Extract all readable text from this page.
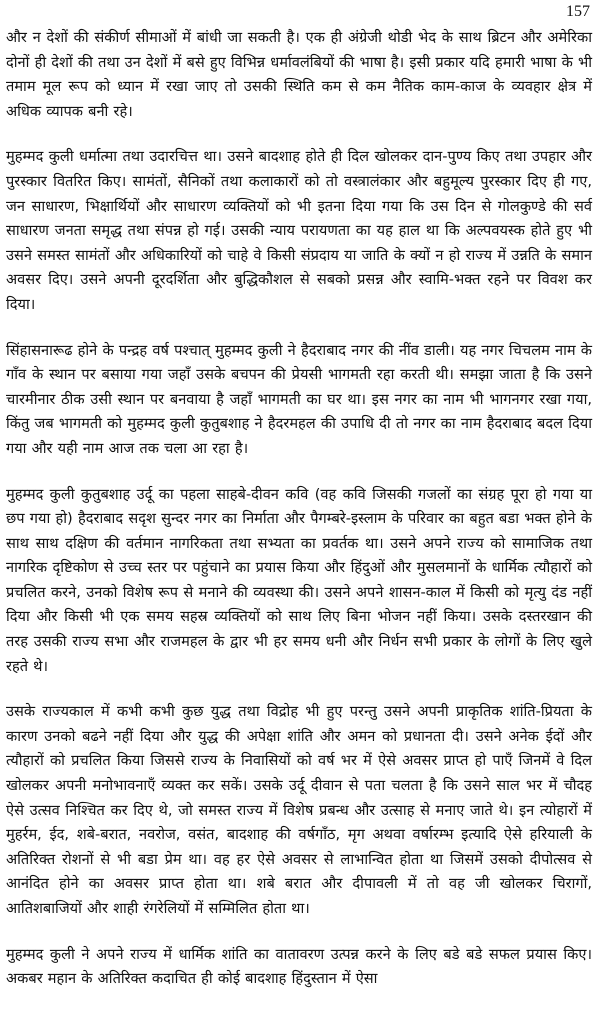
157

और न देशों की संकीर्ण सीमाओं में बांधी जा सकती है। एक ही अंग्रेजी थोडी भेद के साथ ब्रिटन और अमेरिका दोनों ही देशों की तथा उन देशों में बसे हुए विभिन्न धर्मावलंबियों की भाषा है। इसी प्रकार यदि हमारी भाषा के भी तमाम मूल रूप को ध्यान में रखा जाए तो उसकी स्थिति कम से कम नैतिक काम-काज के व्यवहार क्षेत्र में अधिक व्यापक बनी रहे।

मुहम्मद कुली धर्मात्मा तथा उदारचित्त था। उसने बादशाह होते ही दिल खोलकर दान-पुण्य किए तथा उपहार और पुरस्कार वितरित किए। सामंतों, सैनिकों तथा कलाकारों को तो वस्त्रालंकार और बहुमूल्य पुरस्कार दिए ही गए, जन साधारण, भिक्षार्थियों और साधारण व्यक्तियों को भी इतना दिया गया कि उस दिन से गोलकुण्डे की सर्व साधारण जनता समृद्ध तथा संपन्न हो गई। उसकी न्याय परायणता का यह हाल था कि अल्पवयस्क होते हुए भी उसने समस्त सामंतों और अधिकारियों को चाहे वे किसी संप्रदाय या जाति के क्यों न हो राज्य में उन्नति के समान अवसर दिए। उसने अपनी दूरदर्शिता और बुद्धिकौशल से सबको प्रसन्न और स्वामि-भक्त रहने पर विवश कर दिया।

सिंहासनारूढ होने के पन्द्रह वर्ष पश्चात् मुहम्मद कुली ने हैदराबाद नगर की नींव डाली। यह नगर चिचलम नाम के गाँव के स्थान पर बसाया गया जहाँ उसके बचपन की प्रेयसी भागमती रहा करती थी। समझा जाता है कि उसने चारमीनार ठीक उसी स्थान पर बनवाया है जहाँ भागमती का घर था। इस नगर का नाम भी भागनगर रखा गया, किंतु जब भागमती को मुहम्मद कुली कुतुबशाह ने हैदरमहल की उपाधि दी तो नगर का नाम हैदराबाद बदल दिया गया और यही नाम आज तक चला आ रहा है।

मुहम्मद कुली कुतुबशाह उर्दू का पहला साहबे-दीवन कवि (वह कवि जिसकी गजलों का संग्रह पूरा हो गया या छप गया हो) हैदराबाद सदृश सुन्दर नगर का निर्माता और पैगम्बरे-इस्लाम के परिवार का बहुत बडा भक्त होने के साथ साथ दक्षिण की वर्तमान नागरिकता तथा सभ्यता का प्रवर्तक था। उसने अपने राज्य को सामाजिक तथा नागरिक दृष्टिकोण से उच्च स्तर पर पहुंचाने का प्रयास किया और हिंदुओं और मुसलमानों के धार्मिक त्यौहारों को प्रचलित करने, उनको विशेष रूप से मनाने की व्यवस्था की। उसने अपने शासन-काल में किसी को मृत्यु दंड नहीं दिया और किसी भी एक समय सहस्र व्यक्तियों को साथ लिए बिना भोजन नहीं किया। उसके दस्तरखान की तरह उसकी राज्य सभा और राजमहल के द्वार भी हर समय धनी और निर्धन सभी प्रकार के लोगों के लिए खुले रहते थे।

उसके राज्यकाल में कभी कभी कुछ युद्ध तथा विद्रोह भी हुए परन्तु उसने अपनी प्राकृतिक शांति-प्रियता के कारण उनको बढने नहीं दिया और युद्ध की अपेक्षा शांति और अमन को प्रधानता दी। उसने अनेक ईदों और त्यौहारों को प्रचलित किया जिससे राज्य के निवासियों को वर्ष भर में ऐसे अवसर प्राप्त हो पाएँ जिनमें वे दिल खोलकर अपनी मनोभावनाएँ व्यक्त कर सकें। उसके उर्दू दीवान से पता चलता है कि उसने साल भर में चौदह ऐसे उत्सव निश्चित कर दिए थे, जो समस्त राज्य में विशेष प्रबन्ध और उत्साह से मनाए जाते थे। इन त्योहारों में मुहर्रम, ईद, शबे-बरात, नवरोज, वसंत, बादशाह की वर्षगाँठ, मृग अथवा वर्षारम्भ इत्यादि ऐसे हरियाली के अतिरिक्त रोशनों से भी बडा प्रेम था। वह हर ऐसे अवसर से लाभान्वित होता था जिसमें उसको दीपोत्सव से आनंदित होने का अवसर प्राप्त होता था। शबे बरात और दीपावली में तो वह जी खोलकर चिरागों, आतिशबाजियों और शाही रंगरेलियों में सम्मिलित होता था।

मुहम्मद कुली ने अपने राज्य में धार्मिक शांति का वातावरण उत्पन्न करने के लिए बडे बडे सफल प्रयास किए। अकबर महान के अतिरिक्त कदाचित ही कोई बादशाह हिंदुस्तान में ऐसा
